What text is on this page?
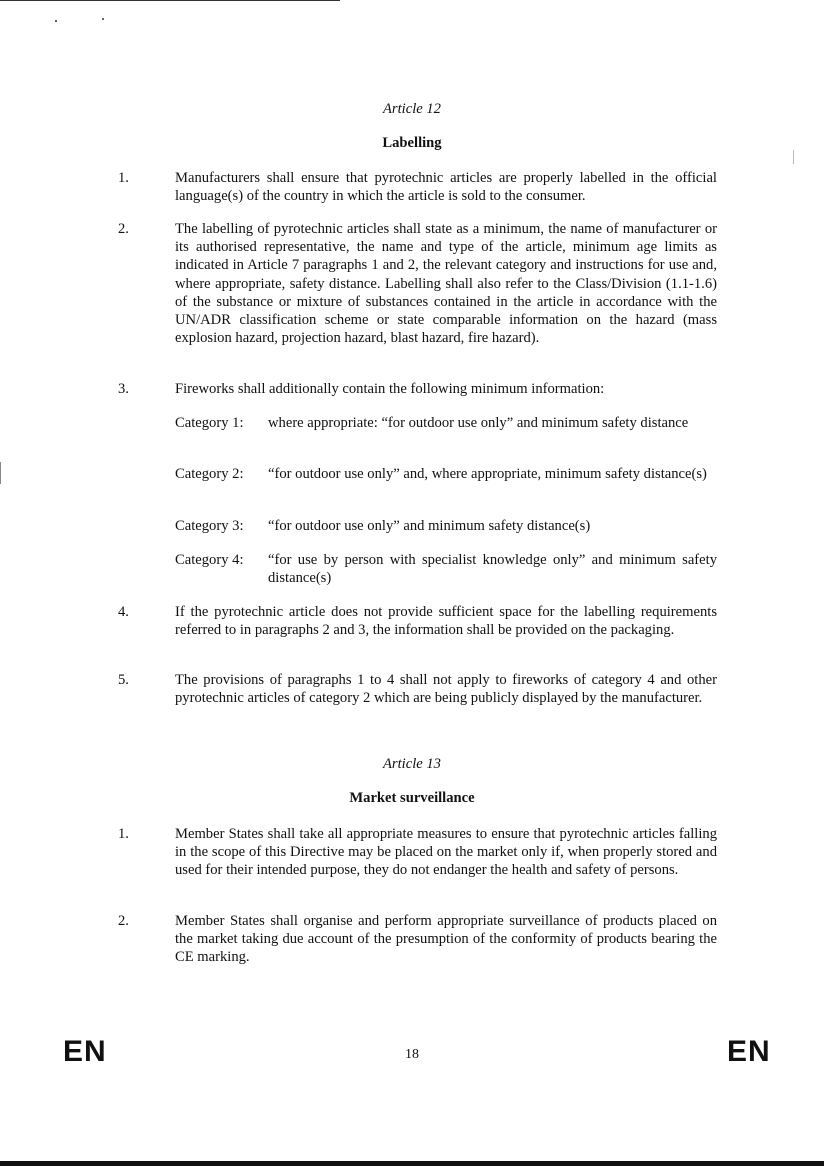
Article 12
Labelling
1.	Manufacturers shall ensure that pyrotechnic articles are properly labelled in the official language(s) of the country in which the article is sold to the consumer.
2.	The labelling of pyrotechnic articles shall state as a minimum, the name of manufacturer or its authorised representative, the name and type of the article, minimum age limits as indicated in Article 7 paragraphs 1 and 2, the relevant category and instructions for use and, where appropriate, safety distance. Labelling shall also refer to the Class/Division (1.1-1.6) of the substance or mixture of substances contained in the article in accordance with the UN/ADR classification scheme or state comparable information on the hazard (mass explosion hazard, projection hazard, blast hazard, fire hazard).
3.	Fireworks shall additionally contain the following minimum information:
Category 1: where appropriate: “for outdoor use only” and minimum safety distance
Category 2: “for outdoor use only” and, where appropriate, minimum safety distance(s)
Category 3: “for outdoor use only” and minimum safety distance(s)
Category 4: “for use by person with specialist knowledge only” and minimum safety distance(s)
4.	If the pyrotechnic article does not provide sufficient space for the labelling requirements referred to in paragraphs 2 and 3, the information shall be provided on the packaging.
5.	The provisions of paragraphs 1 to 4 shall not apply to fireworks of category 4 and other pyrotechnic articles of category 2 which are being publicly displayed by the manufacturer.
Article 13
Market surveillance
1.	Member States shall take all appropriate measures to ensure that pyrotechnic articles falling in the scope of this Directive may be placed on the market only if, when properly stored and used for their intended purpose, they do not endanger the health and safety of persons.
2.	Member States shall organise and perform appropriate surveillance of products placed on the market taking due account of the presumption of the conformity of products bearing the CE marking.
EN	18	EN
